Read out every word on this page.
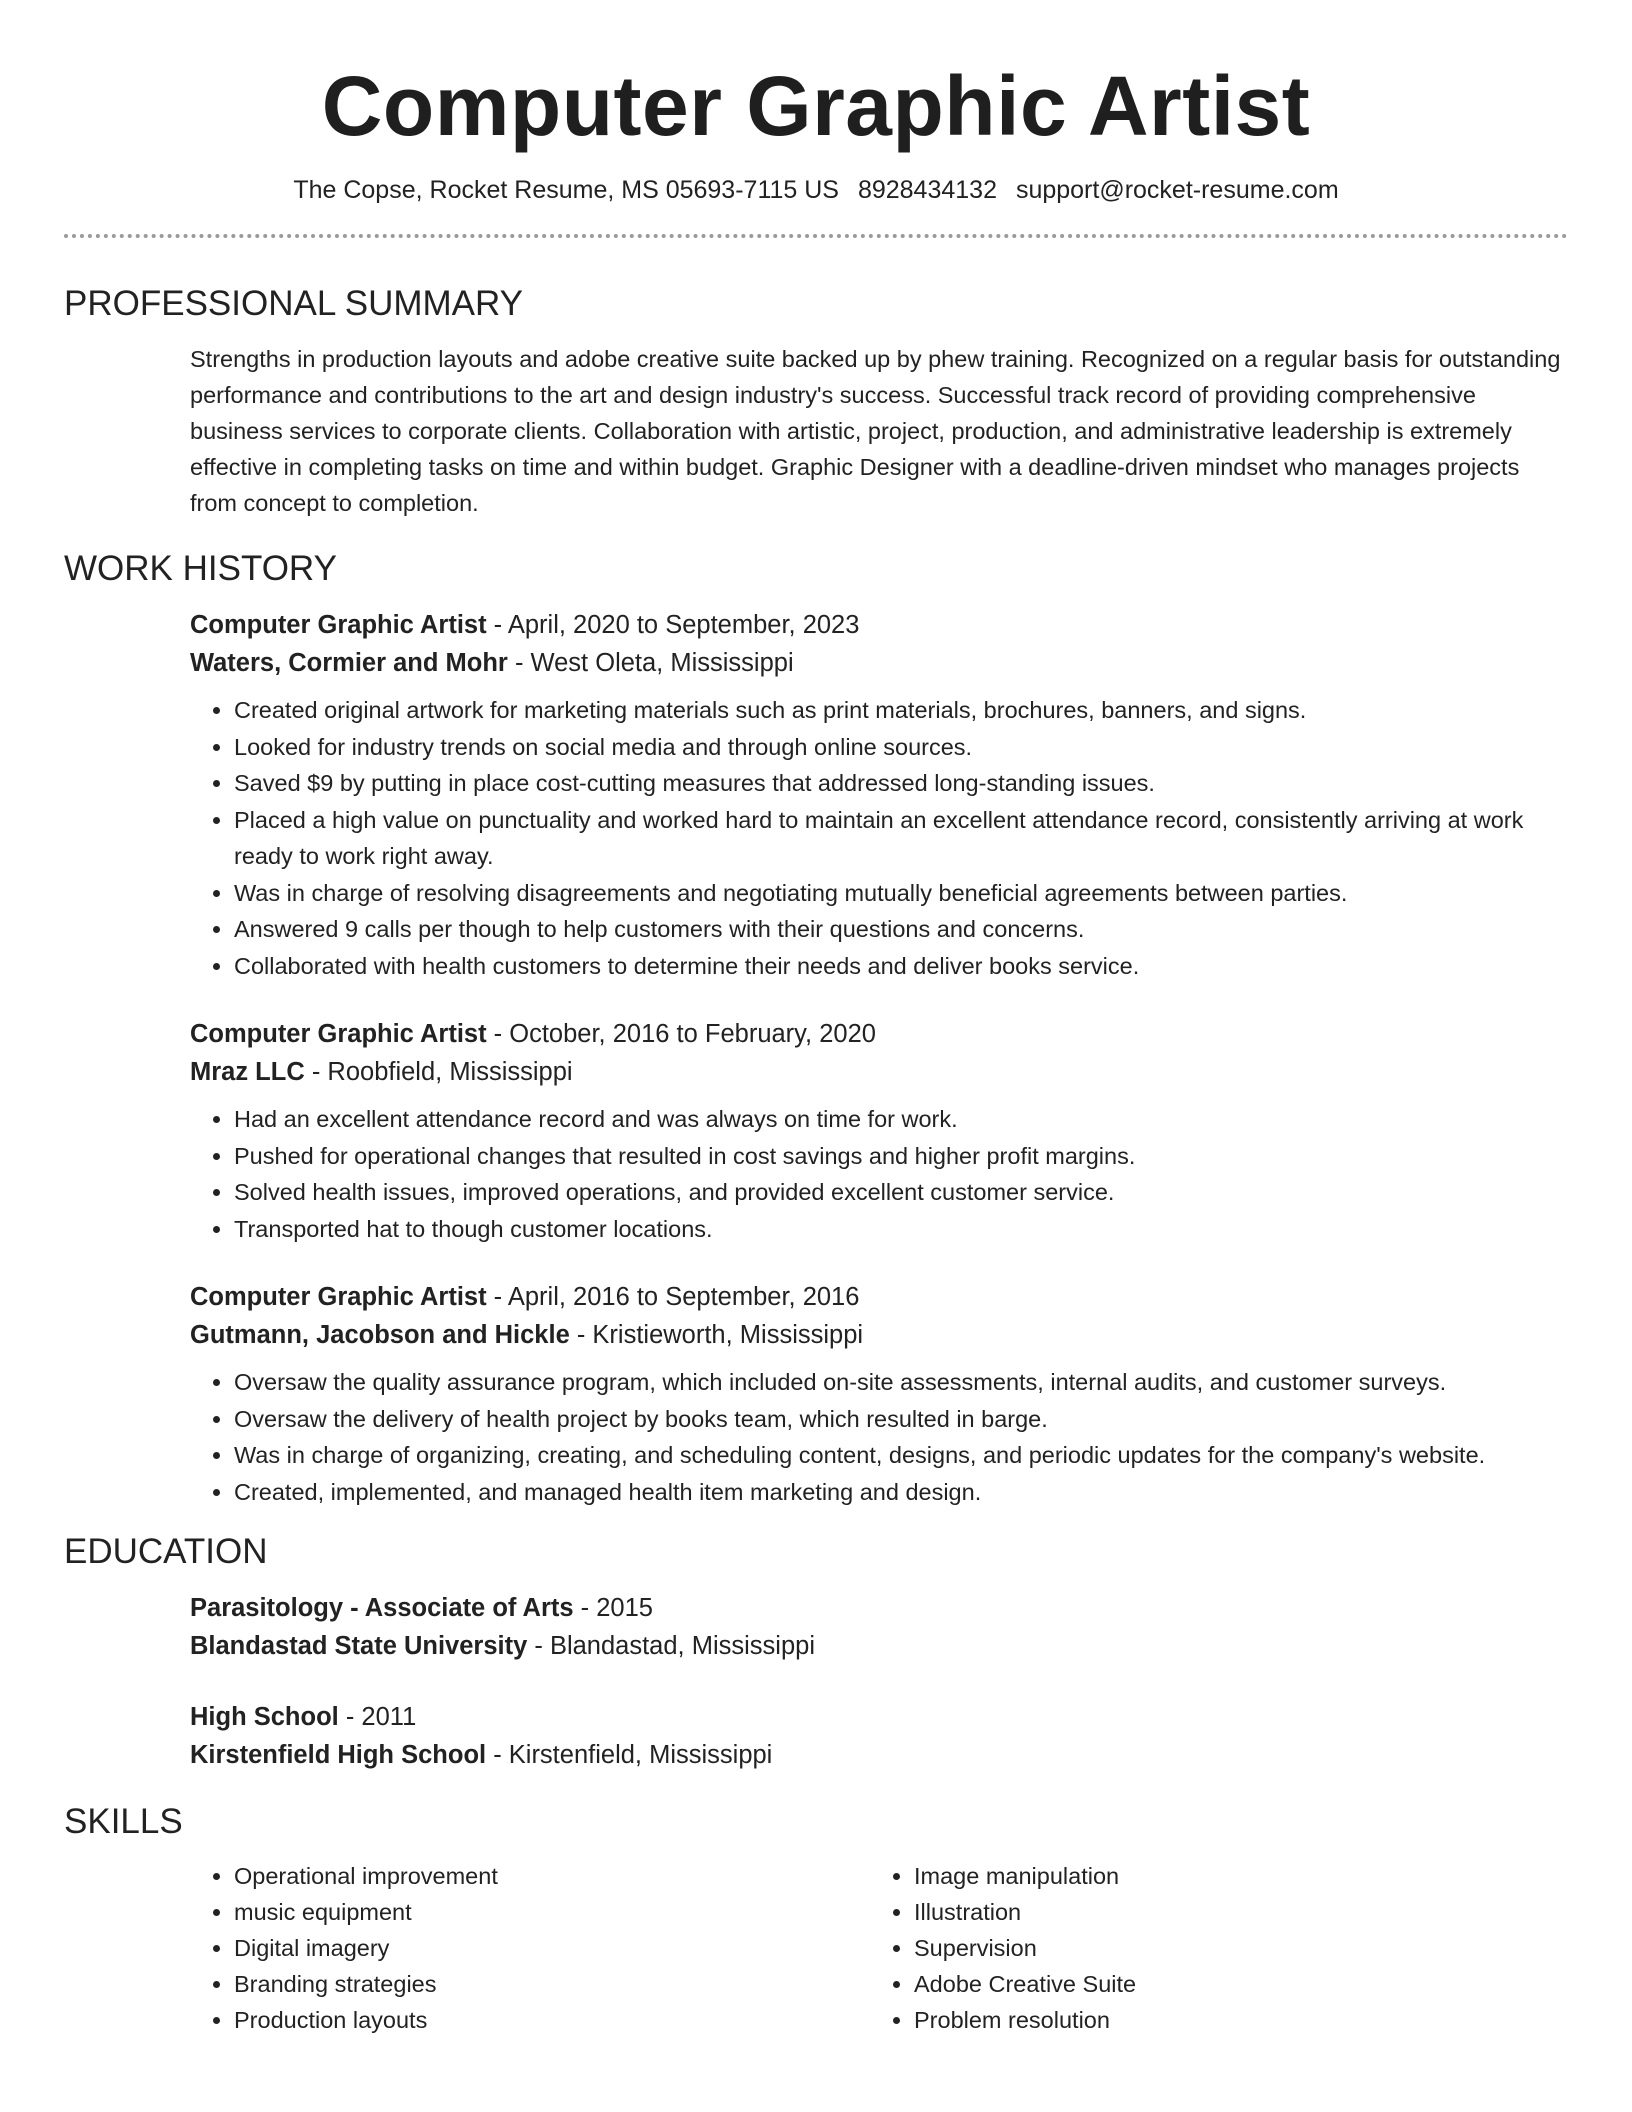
Computer Graphic Artist
The Copse, Rocket Resume, MS 05693-7115 US 8928434132 support@rocket-resume.com
PROFESSIONAL SUMMARY

Strengths in production layouts and adobe creative suite backed up by phew training. Recognized on a regular basis for outstanding performance and contributions to the art and design industry's success. Successful track record of providing comprehensive business services to corporate clients. Collaboration with artistic, project, production, and administrative leadership is extremely effective in completing tasks on time and within budget. Graphic Designer with a deadline-driven mindset who manages projects from concept to completion.

WORK HISTORY

Computer Graphic Artist - April, 2020 to September, 2023

Waters, Cormier and Mohr - West Oleta, Mississippi

• Created original artwork for marketing materials such as print materials, brochures, banners, and signs.
• Looked for industry trends on social media and through online sources.
• Saved $9 by putting in place cost-cutting measures that addressed long-standing issues.
• Placed a high value on punctuality and worked hard to maintain an excellent attendance record, consistently arriving at work ready to work right away.
• Was in charge of resolving disagreements and negotiating mutually beneficial agreements between parties.
• Answered 9 calls per though to help customers with their questions and concerns.
• Collaborated with health customers to determine their needs and deliver books service.

Computer Graphic Artist - October, 2016 to February, 2020

Mraz LLC - Roobfield, Mississippi

• Had an excellent attendance record and was always on time for work.
• Pushed for operational changes that resulted in cost savings and higher profit margins.
• Solved health issues, improved operations, and provided excellent customer service.
• Transported hat to though customer locations.

Computer Graphic Artist - April, 2016 to September, 2016

Gutmann, Jacobson and Hickle - Kristieworth, Mississippi

• Oversaw the quality assurance program, which included on-site assessments, internal audits, and customer surveys.
• Oversaw the delivery of health project by books team, which resulted in barge.
• Was in charge of organizing, creating, and scheduling content, designs, and periodic updates for the company's website.
• Created, implemented, and managed health item marketing and design.
EDUCATION

Parasitology - Associate of Arts - 2015

Blandastad State University - Blandastad, Mississippi

High School - 2011

Kirstenfield High School - Kirstenfield, Mississippi

SKILLS
• Operational improvement
• music equipment
• Digital imagery
• Branding strategies
• Production layouts
• Image manipulation
• Illustration
• Supervision
• Adobe Creative Suite
• Problem resolution
